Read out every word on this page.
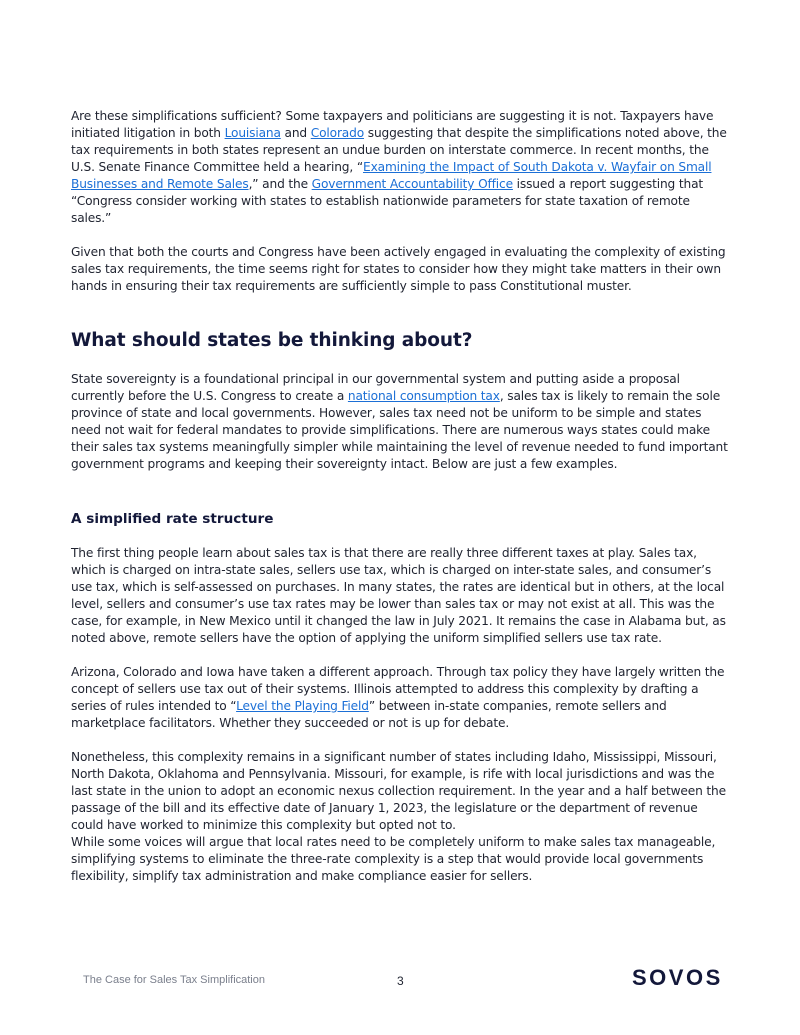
Are these simplifications sufficient? Some taxpayers and politicians are suggesting it is not. Taxpayers have initiated litigation in both Louisiana and Colorado suggesting that despite the simplifications noted above, the tax requirements in both states represent an undue burden on interstate commerce. In recent months, the U.S. Senate Finance Committee held a hearing, “Examining the Impact of South Dakota v. Wayfair on Small Businesses and Remote Sales,” and the Government Accountability Office issued a report suggesting that “Congress consider working with states to establish nationwide parameters for state taxation of remote sales.”

Given that both the courts and Congress have been actively engaged in evaluating the complexity of existing sales tax requirements, the time seems right for states to consider how they might take matters in their own hands in ensuring their tax requirements are sufficiently simple to pass Constitutional muster.

What should states be thinking about?

State sovereignty is a foundational principal in our governmental system and putting aside a proposal currently before the U.S. Congress to create a national consumption tax, sales tax is likely to remain the sole province of state and local governments. However, sales tax need not be uniform to be simple and states need not wait for federal mandates to provide simplifications. There are numerous ways states could make their sales tax systems meaningfully simpler while maintaining the level of revenue needed to fund important government programs and keeping their sovereignty intact. Below are just a few examples.

A simplified rate structure

The first thing people learn about sales tax is that there are really three different taxes at play. Sales tax, which is charged on intra-state sales, sellers use tax, which is charged on inter-state sales, and consumer’s use tax, which is self-assessed on purchases. In many states, the rates are identical but in others, at the local level, sellers and consumer’s use tax rates may be lower than sales tax or may not exist at all. This was the case, for example, in New Mexico until it changed the law in July 2021. It remains the case in Alabama but, as noted above, remote sellers have the option of applying the uniform simplified sellers use tax rate.

Arizona, Colorado and Iowa have taken a different approach. Through tax policy they have largely written the concept of sellers use tax out of their systems. Illinois attempted to address this complexity by drafting a series of rules intended to “Level the Playing Field” between in-state companies, remote sellers and marketplace facilitators. Whether they succeeded or not is up for debate.

Nonetheless, this complexity remains in a significant number of states including Idaho, Mississippi, Missouri, North Dakota, Oklahoma and Pennsylvania. Missouri, for example, is rife with local jurisdictions and was the last state in the union to adopt an economic nexus collection requirement. In the year and a half between the passage of the bill and its effective date of January 1, 2023, the legislature or the department of revenue could have worked to minimize this complexity but opted not to.

While some voices will argue that local rates need to be completely uniform to make sales tax manageable, simplifying systems to eliminate the three-rate complexity is a step that would provide local governments flexibility, simplify tax administration and make compliance easier for sellers.

The Case for Sales Tax Simplification	3	SOVOS
